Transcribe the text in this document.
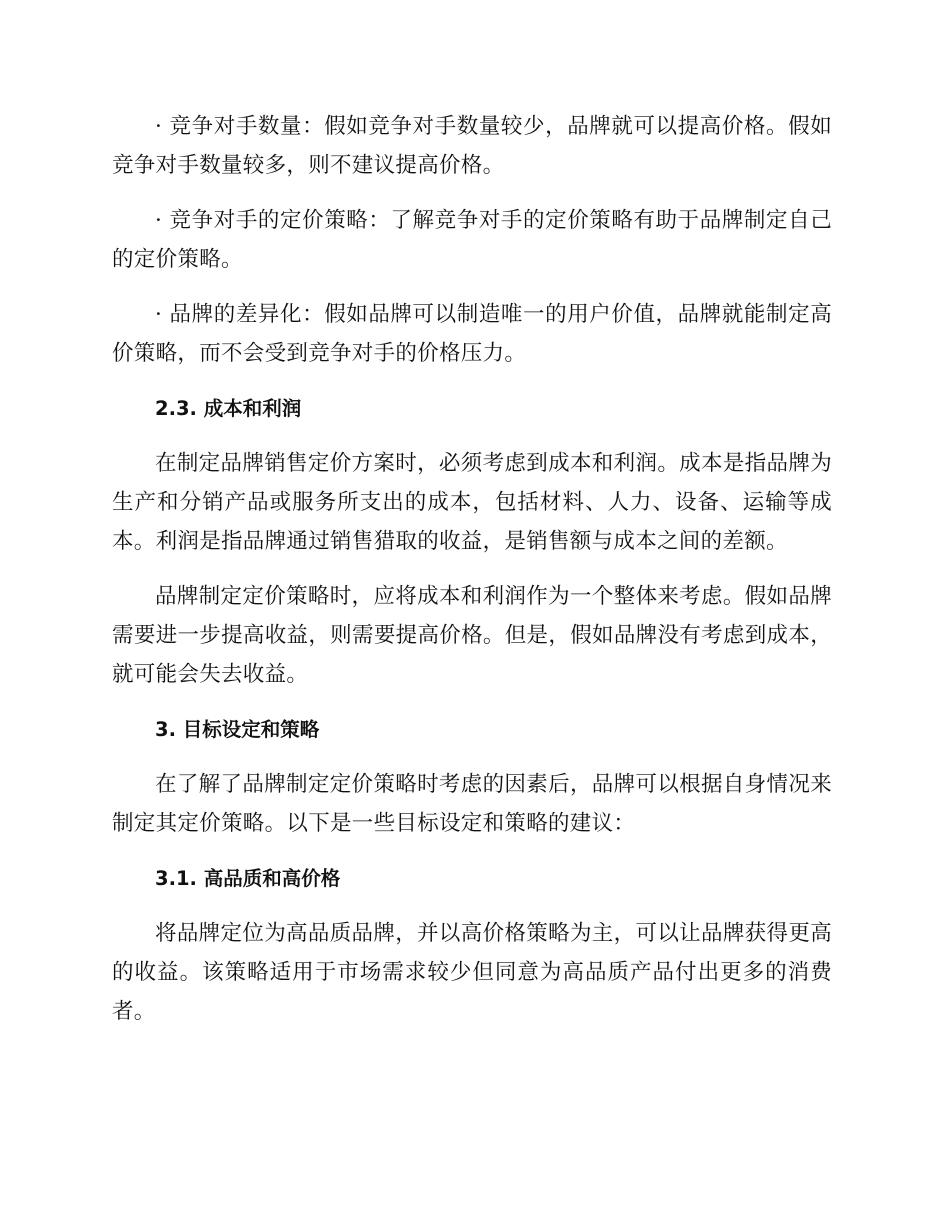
· 竞争对手数量：假如竞争对手数量较少，品牌就可以提高价格。假如竞争对手数量较多，则不建议提高价格。

· 竞争对手的定价策略：了解竞争对手的定价策略有助于品牌制定自己的定价策略。

· 品牌的差异化：假如品牌可以制造唯一的用户价值，品牌就能制定高价策略，而不会受到竞争对手的价格压力。

2.3. 成本和利润

在制定品牌销售定价方案时，必须考虑到成本和利润。成本是指品牌为生产和分销产品或服务所支出的成本，包括材料、人力、设备、运输等成本。利润是指品牌通过销售猎取的收益，是销售额与成本之间的差额。

品牌制定定价策略时，应将成本和利润作为一个整体来考虑。假如品牌需要进一步提高收益，则需要提高价格。但是，假如品牌没有考虑到成本，就可能会失去收益。

3. 目标设定和策略

在了解了品牌制定定价策略时考虑的因素后，品牌可以根据自身情况来制定其定价策略。以下是一些目标设定和策略的建议：

3.1. 高品质和高价格

将品牌定位为高品质品牌，并以高价格策略为主，可以让品牌获得更高的收益。该策略适用于市场需求较少但同意为高品质产品付出更多的消费者。
